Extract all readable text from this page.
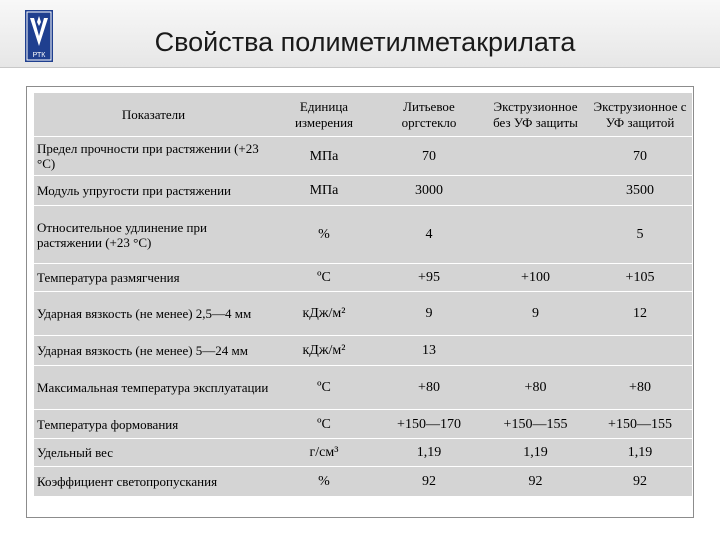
РТК	Свойства полиметилметакрилата
Показатели	Единица измерения	Литьевое оргстекло	Экструзионное без УФ защиты	Экструзионное с УФ защитой
Предел прочности при растяжении (+23 °С)	МПа	70		70
Модуль упругости при растяжении	МПа	3000		3500
Относительное удлинение при растяжении (+23 °С)	%	4		5
Температура размягчения	ºС	+95	+100	+105
Ударная вязкость (не менее) 2,5—4 мм	кДж/м²	9	9	12
Ударная вязкость (не менее) 5—24 мм	кДж/м²	13		
Максимальная температура эксплуатации	ºС	+80	+80	+80
Температура формования	ºС	+150—170	+150—155	+150—155
Удельный вес	г/см³	1,19	1,19	1,19
Коэффициент светопропускания	%	92	92	92
